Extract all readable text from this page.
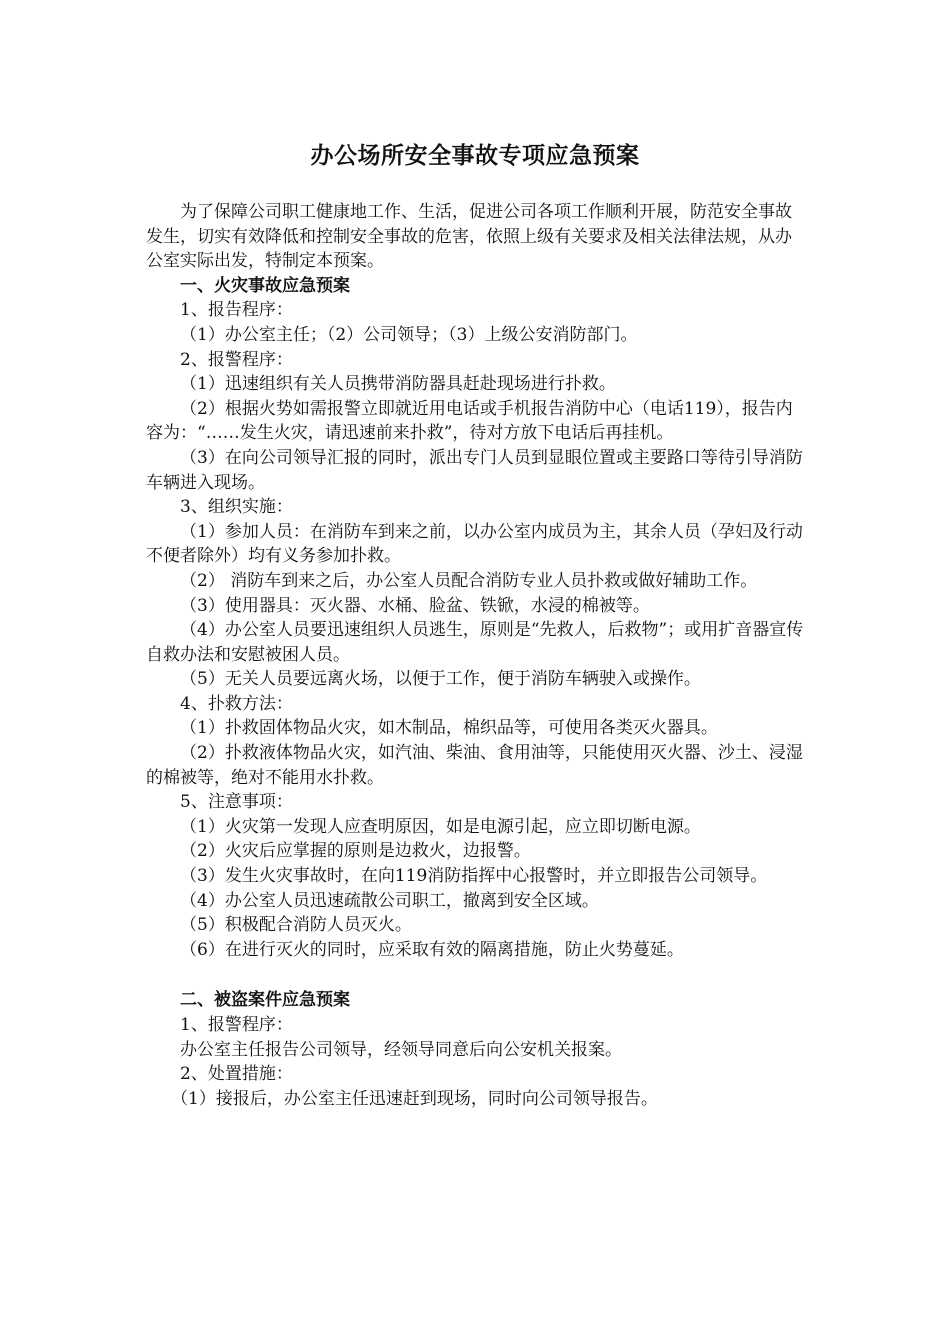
办公场所安全事故专项应急预案

为了保障公司职工健康地工作、生活，促进公司各项工作顺利开展，防范安全事故发生，切实有效降低和控制安全事故的危害，依照上级有关要求及相关法律法规，从办公室实际出发，特制定本预案。

一、火灾事故应急预案

1、报告程序：

（1）办公室主任；（2）公司领导；（3）上级公安消防部门。

2、报警程序：

（1）迅速组织有关人员携带消防器具赶赴现场进行扑救。

（2）根据火势如需报警立即就近用电话或手机报告消防中心（电话119），报告内容为：“……发生火灾，请迅速前来扑救”，待对方放下电话后再挂机。

（3）在向公司领导汇报的同时，派出专门人员到显眼位置或主要路口等待引导消防车辆进入现场。

3、组织实施：

（1）参加人员：在消防车到来之前，以办公室内成员为主，其余人员（孕妇及行动不便者除外）均有义务参加扑救。

（2） 消防车到来之后，办公室人员配合消防专业人员扑救或做好辅助工作。

（3）使用器具：灭火器、水桶、脸盆、铁锨，水浸的棉被等。

（4）办公室人员要迅速组织人员逃生，原则是“先救人，后救物”；或用扩音器宣传自救办法和安慰被困人员。

（5）无关人员要远离火场，以便于工作，便于消防车辆驶入或操作。

4、扑救方法：

（1）扑救固体物品火灾，如木制品，棉织品等，可使用各类灭火器具。

（2）扑救液体物品火灾，如汽油、柴油、食用油等，只能使用灭火器、沙土、浸湿的棉被等，绝对不能用水扑救。

5、注意事项：

（1）火灾第一发现人应查明原因，如是电源引起，应立即切断电源。

（2）火灾后应掌握的原则是边救火，边报警。

（3）发生火灾事故时，在向119消防指挥中心报警时，并立即报告公司领导。

（4）办公室人员迅速疏散公司职工，撤离到安全区域。

（5）积极配合消防人员灭火。

（6）在进行灭火的同时，应采取有效的隔离措施，防止火势蔓延。

二、被盗案件应急预案

1、报警程序：

办公室主任报告公司领导，经领导同意后向公安机关报案。

2、处置措施：

（1）接报后，办公室主任迅速赶到现场，同时向公司领导报告。
